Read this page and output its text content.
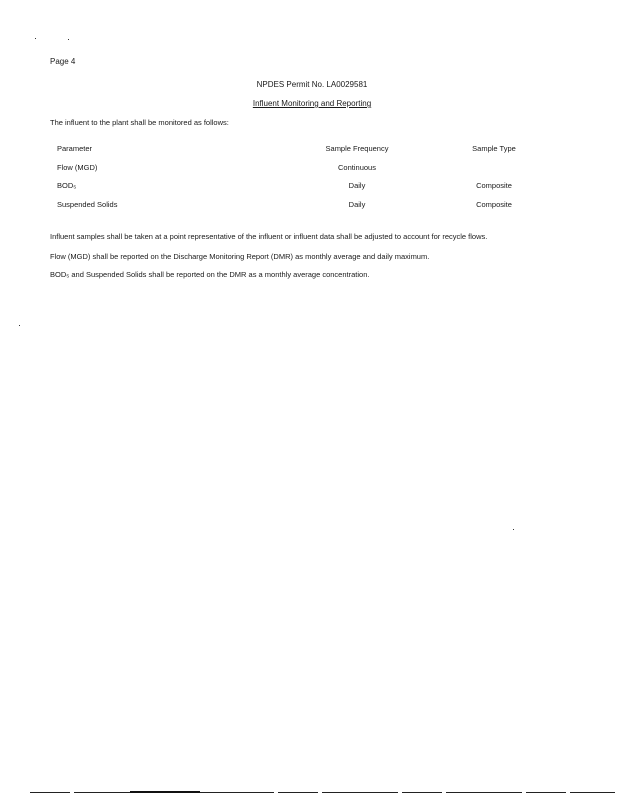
Page 4
NPDES Permit No. LA0029581
Influent Monitoring and Reporting
The influent to the plant shall be monitored as follows:
Parameter	Sample Frequency	Sample Type
Flow (MGD)	Continuous
BOD₅	Daily	Composite
Suspended Solids	Daily	Composite
Influent samples shall be taken at a point representative of the influent or influent data shall be adjusted to account for recycle flows.
Flow (MGD) shall be reported on the Discharge Monitoring Report (DMR) as monthly average and daily maximum.
BOD₅ and Suspended Solids shall be reported on the DMR as a monthly average concentration.
